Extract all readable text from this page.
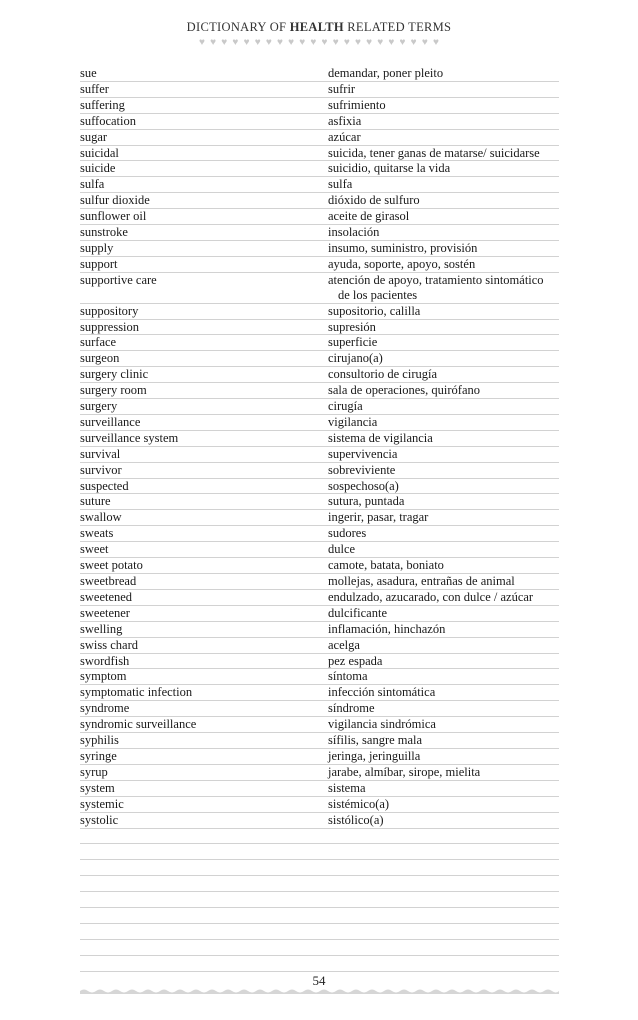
DICTIONARY OF HEALTH RELATED TERMS
♥ ♥ ♥ ♥ ♥ ♥ ♥ ♥ ♥ ♥ ♥ ♥ ♥ ♥ ♥ ♥ ♥ ♥ ♥ ♥ ♥ ♥
sue	demandar, poner pleito
suffer	sufrir
suffering	sufrimiento
suffocation	asfixia
sugar	azúcar
suicidal	suicida, tener ganas de matarse/ suicidarse
suicide	suicidio, quitarse la vida
sulfa	sulfa
sulfur dioxide	dióxido de sulfuro
sunflower oil	aceite de girasol
sunstroke	insolación
supply	insumo, suministro, provisión
support	ayuda, soporte, apoyo, sostén
supportive care	atención de apoyo, tratamiento sintomático
de los pacientes
suppository	supositorio, calilla
suppression	supresión
surface	superficie
surgeon	cirujano(a)
surgery clinic	consultorio de cirugía
surgery room	sala de operaciones, quirófano
surgery	cirugía
surveillance	vigilancia
surveillance system	sistema de vigilancia
survival	supervivencia
survivor	sobreviviente
suspected	sospechoso(a)
suture	sutura, puntada
swallow	ingerir, pasar, tragar
sweats	sudores
sweet	dulce
sweet potato	camote, batata, boniato
sweetbread	mollejas, asadura, entrañas de animal
sweetened	endulzado, azucarado, con dulce / azúcar
sweetener	dulcificante
swelling	inflamación, hinchazón
swiss chard	acelga
swordfish	pez espada
symptom	síntoma
symptomatic infection	infección sintomática
syndrome	síndrome
syndromic surveillance	vigilancia sindrómica
syphilis	sífilis, sangre mala
syringe	jeringa, jeringuilla
syrup	jarabe, almíbar, sirope, mielita
system	sistema
systemic	sistémico(a)
systolic	sistólico(a)
54
